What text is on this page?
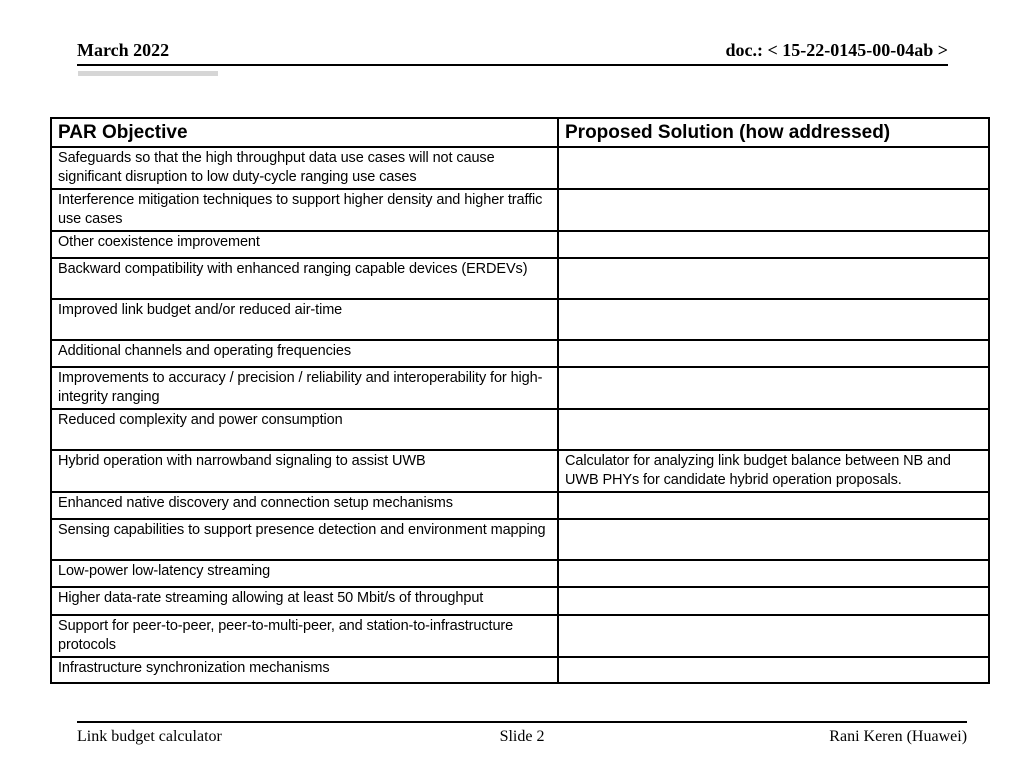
March 2022	doc.: < 15-22-0145-00-04ab >
PAR Objective	Proposed Solution (how addressed)
Safeguards so that the high throughput data use cases will not cause significant disruption to low duty-cycle ranging use cases	
Interference mitigation techniques to support higher density and higher traffic use cases	
Other coexistence improvement	
Backward compatibility with enhanced ranging capable devices (ERDEVs)	
Improved link budget and/or reduced air-time	
Additional channels and operating frequencies	
Improvements to accuracy / precision / reliability and interoperability for high-integrity ranging	
Reduced complexity and power consumption	
Hybrid operation with narrowband signaling to assist UWB	Calculator for analyzing link budget balance between NB and UWB PHYs for candidate hybrid operation proposals.
Enhanced native discovery and connection setup mechanisms	
Sensing capabilities to support presence detection and environment mapping	
Low-power low-latency streaming	
Higher data-rate streaming allowing at least 50 Mbit/s of throughput	
Support for peer-to-peer, peer-to-multi-peer, and station-to-infrastructure protocols	
Infrastructure synchronization mechanisms	
Link budget calculator	Slide 2	Rani Keren (Huawei)
